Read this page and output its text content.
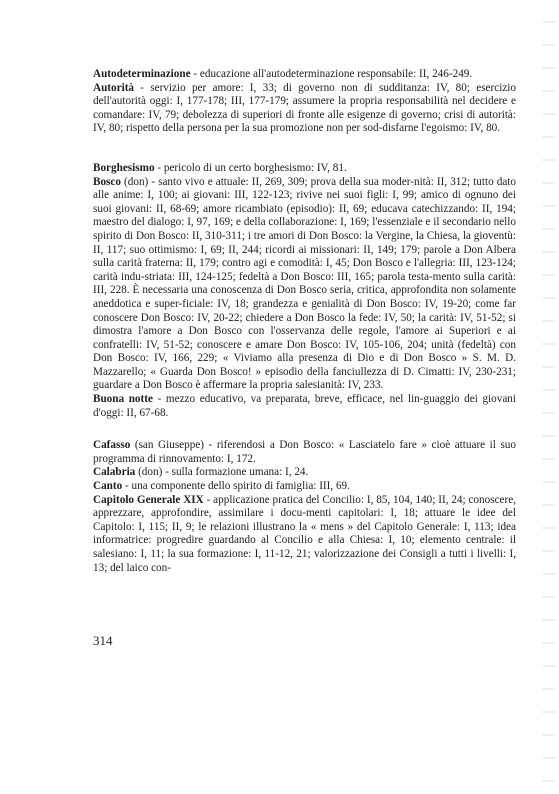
Autodeterminazione - educazione all'autodeterminazione responsabile: II, 246-249.

Autorità - servizio per amore: I, 33; di governo non di sudditanza: IV, 80; esercizio dell'autorità oggi: I, 177-178; III, 177-179; assumere la propria responsabilità nel decidere e comandare: IV, 79; debolezza di superiori di fronte alle esigenze di governo; crisi di autorità: IV, 80; rispetto della persona per la sua promozione non per sod-disfarne l'egoismo: IV, 80.

Borghesismo - pericolo di un certo borghesismo: IV, 81.

Bosco (don) - santo vivo e attuale: II, 269, 309; prova della sua moder-nità: II, 312; tutto dato alle anime: I, 100; ai giovani: III, 122-123; rivive nei suoi figli: I, 99; amico di ognuno dei suoi giovani: II, 68-69; amore ricambiato (episodio): II, 69; educava catechizzando: II, 194; maestro del dialogo: I, 97, 169; e della collaborazione: I, 169; l'essenziale e il secondario nello spirito di Don Bosco: II, 310-311; i tre amori di Don Bosco: la Vergine, la Chiesa, la gioventù: II, 117; suo ottimismo: I, 69; II, 244; ricordi ai missionari: II, 149; 179; parole a Don Albera sulla carità fraterna: II, 179; contro agi e comodità: I, 45; Don Bosco e l'allegria: III, 123-124; carità indu-striata: III, 124-125; fedeltà a Don Bosco: III, 165; parola testa-mento sulla carità: III, 228. È necessaria una conoscenza di Don Bosco seria, critica, approfondita non solamente aneddotica e super-ficiale: IV, 18; grandezza e genialità di Don Bosco: IV, 19-20; come far conoscere Don Bosco: IV, 20-22; chiedere a Don Bosco la fede: IV, 50; la carità: IV, 51-52; si dimostra l'amore a Don Bosco con l'osservanza delle regole, l'amore ai Superiori e ai confratelli: IV, 51-52; conoscere e amare Don Bosco: IV, 105-106, 204; unità (fedeltà) con Don Bosco: IV, 166, 229; « Viviamo alla presenza di Dio e di Don Bosco » S. M. D. Mazzarello; « Guarda Don Bosco! » episodio della fanciullezza di D. Cimatti: IV, 230-231; guardare a Don Bosco è affermare la propria salesianità: IV, 233.

Buona notte - mezzo educativo, va preparata, breve, efficace, nel lin-guaggio dei giovani d'oggi: II, 67-68.

Cafasso (san Giuseppe) - riferendosi a Don Bosco: « Lasciatelo fare » cioè attuare il suo programma di rinnovamento: I, 172.

Calabria (don) - sulla formazione umana: I, 24.

Canto - una componente dello spirito di famiglia: III, 69.

Capitolo Generale XIX - applicazione pratica del Concilio: I, 85, 104, 140; II, 24; conoscere, apprezzare, approfondire, assimilare i docu-menti capitolari: I, 18; attuare le idee del Capitolo: I, 115; II, 9; le relazioni illustrano la « mens » del Capitolo Generale: I, 113; idea informatrice: progredire guardando al Concilio e alla Chiesa: I, 10; elemento centrale: il salesiano: I, 11; la sua formazione: I, 11-12, 21; valorizzazione dei Consigli a tutti i livelli: I, 13; del laico con-

314
